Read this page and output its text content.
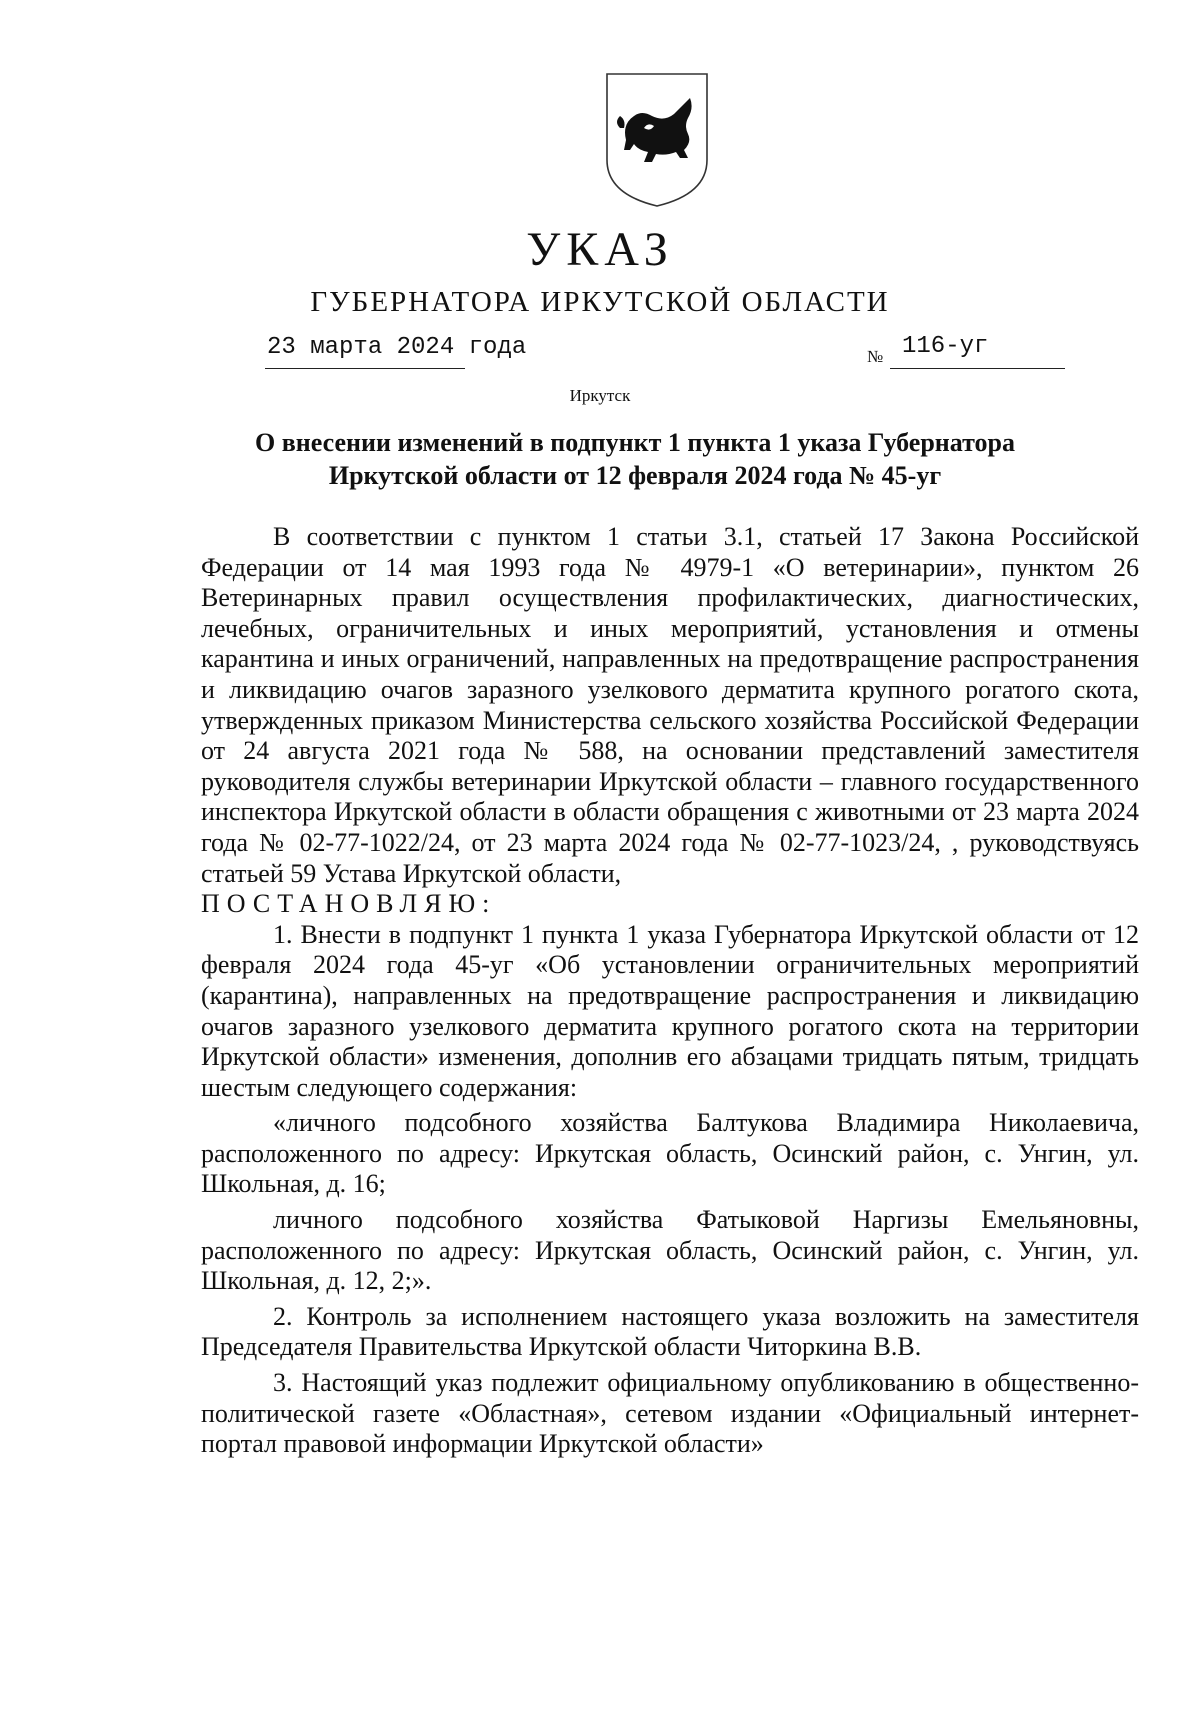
УКАЗ
ГУБЕРНАТОРА ИРКУТСКОЙ ОБЛАСТИ
23 марта 2024 года	№ 116-уг
Иркутск
О внесении изменений в подпункт 1 пункта 1 указа Губернатора
Иркутской области от 12 февраля 2024 года № 45-уг

В соответствии с пунктом 1 статьи 3.1, статьей 17 Закона Российской Федерации от 14 мая 1993 года № 4979-1 «О ветеринарии», пунктом 26 Ветеринарных правил осуществления профилактических, диагностических, лечебных, ограничительных и иных мероприятий, установления и отмены карантина и иных ограничений, направленных на предотвращение распространения и ликвидацию очагов заразного узелкового дерматита крупного рогатого скота, утвержденных приказом Министерства сельского хозяйства Российской Федерации от 24 августа 2021 года № 588, на основании представлений заместителя руководителя службы ветеринарии Иркутской области – главного государственного инспектора Иркутской области в области обращения с животными от 23 марта 2024 года № 02-77-1022/24, от 23 марта 2024 года № 02-77-1023/24, , руководствуясь статьей 59 Устава Иркутской области,

ПОСТАНОВЛЯЮ:

1. Внести в подпункт 1 пункта 1 указа Губернатора Иркутской области от 12 февраля 2024 года 45-уг «Об установлении ограничительных мероприятий (карантина), направленных на предотвращение распространения и ликвидацию очагов заразного узелкового дерматита крупного рогатого скота на территории Иркутской области» изменения, дополнив его абзацами тридцать пятым, тридцать шестым следующего содержания:

«личного подсобного хозяйства Балтукова Владимира Николаевича, расположенного по адресу: Иркутская область, Осинский район, с. Унгин, ул. Школьная, д. 16;

личного подсобного хозяйства Фатыковой Наргизы Емельяновны, расположенного по адресу: Иркутская область, Осинский район, с. Унгин, ул. Школьная, д. 12, 2;».

2. Контроль за исполнением настоящего указа возложить на заместителя Председателя Правительства Иркутской области Читоркина В.В.

3. Настоящий указ подлежит официальному опубликованию в общественно-политической газете «Областная», сетевом издании «Официальный интернет-портал правовой информации Иркутской области»
